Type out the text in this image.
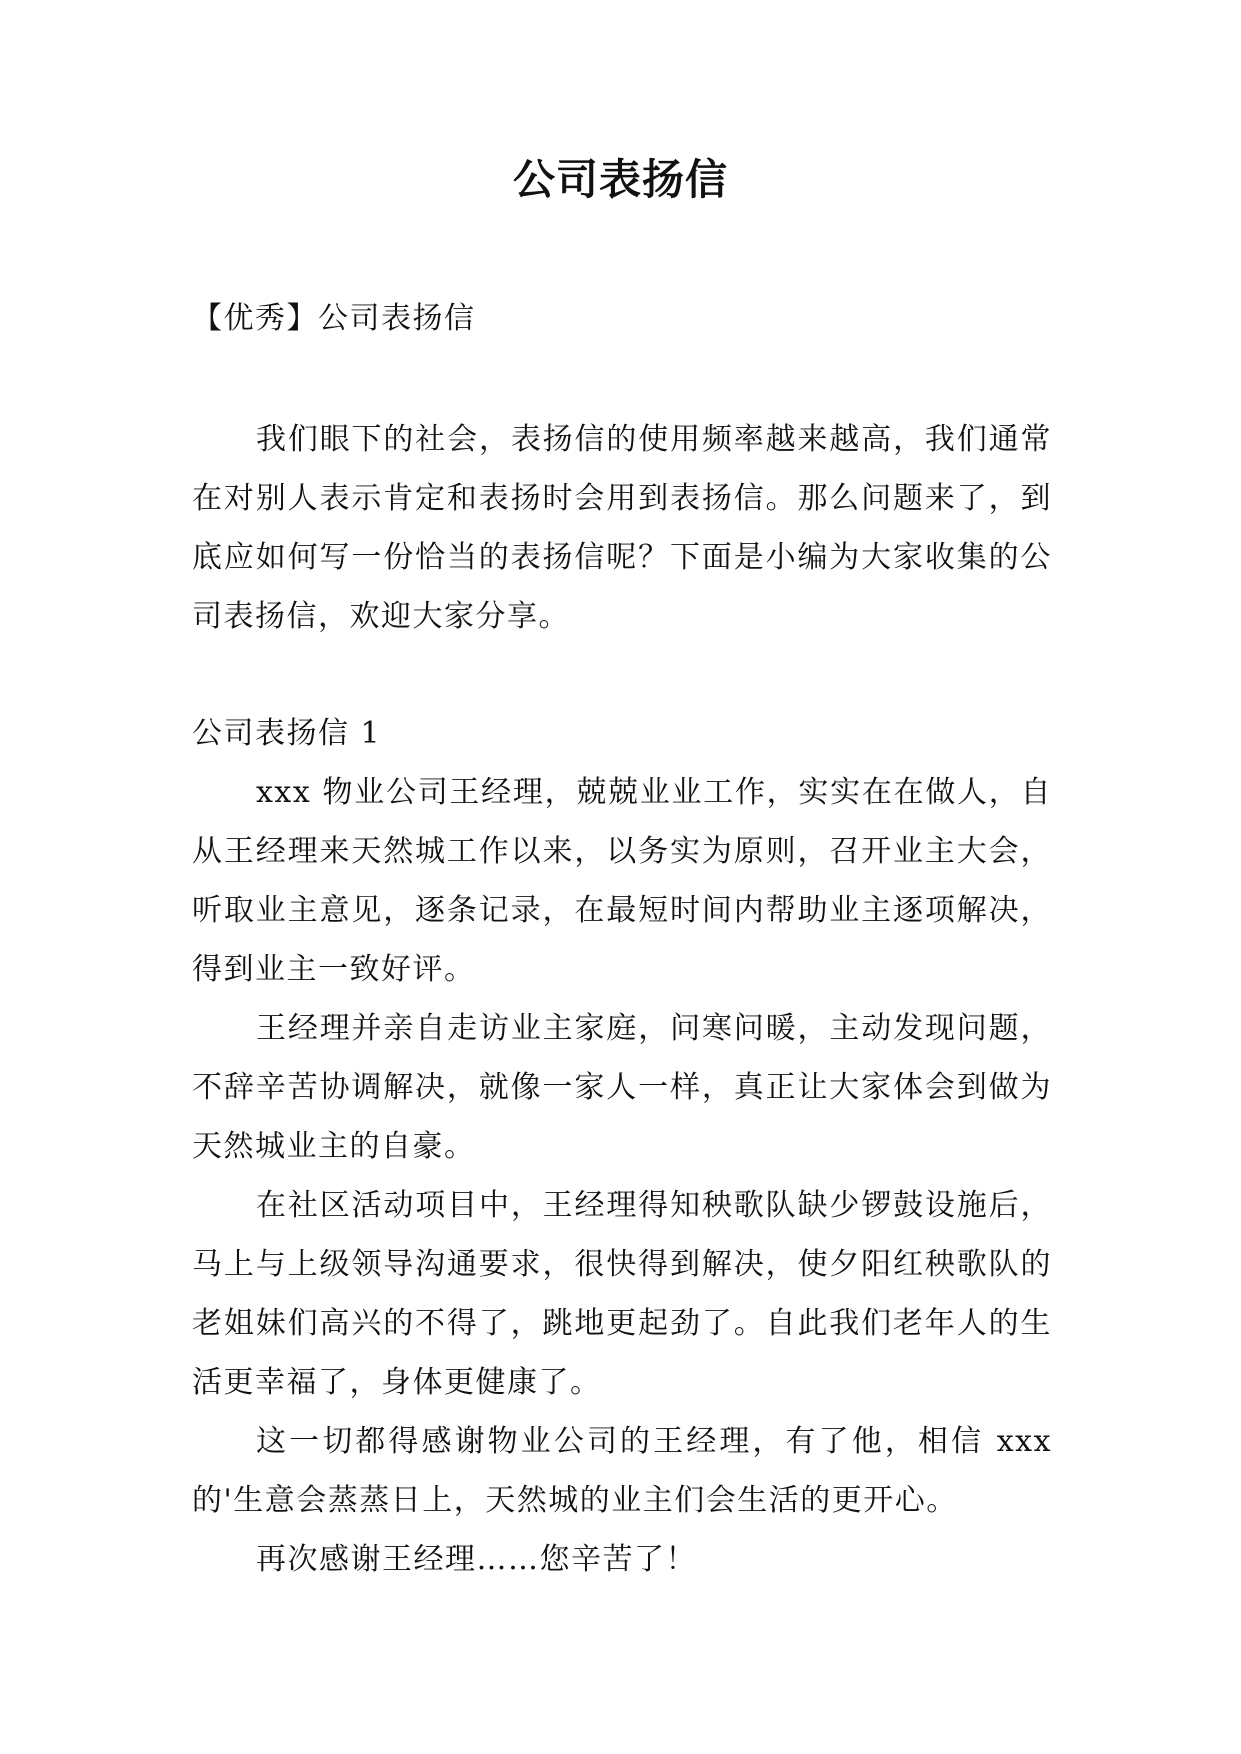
公司表扬信

【优秀】公司表扬信

我们眼下的社会，表扬信的使用频率越来越高，我们通常在对别人表示肯定和表扬时会用到表扬信。那么问题来了，到底应如何写一份恰当的表扬信呢？下面是小编为大家收集的公司表扬信，欢迎大家分享。

公司表扬信 1

xxx 物业公司王经理，兢兢业业工作，实实在在做人，自从王经理来天然城工作以来，以务实为原则，召开业主大会，听取业主意见，逐条记录，在最短时间内帮助业主逐项解决，得到业主一致好评。

王经理并亲自走访业主家庭，问寒问暖，主动发现问题，不辞辛苦协调解决，就像一家人一样，真正让大家体会到做为天然城业主的自豪。

在社区活动项目中，王经理得知秧歌队缺少锣鼓设施后，马上与上级领导沟通要求，很快得到解决，使夕阳红秧歌队的老姐妹们高兴的不得了，跳地更起劲了。自此我们老年人的生活更幸福了，身体更健康了。

这一切都得感谢物业公司的王经理，有了他，相信 xxx 的'生意会蒸蒸日上，天然城的业主们会生活的更开心。

再次感谢王经理……您辛苦了！
